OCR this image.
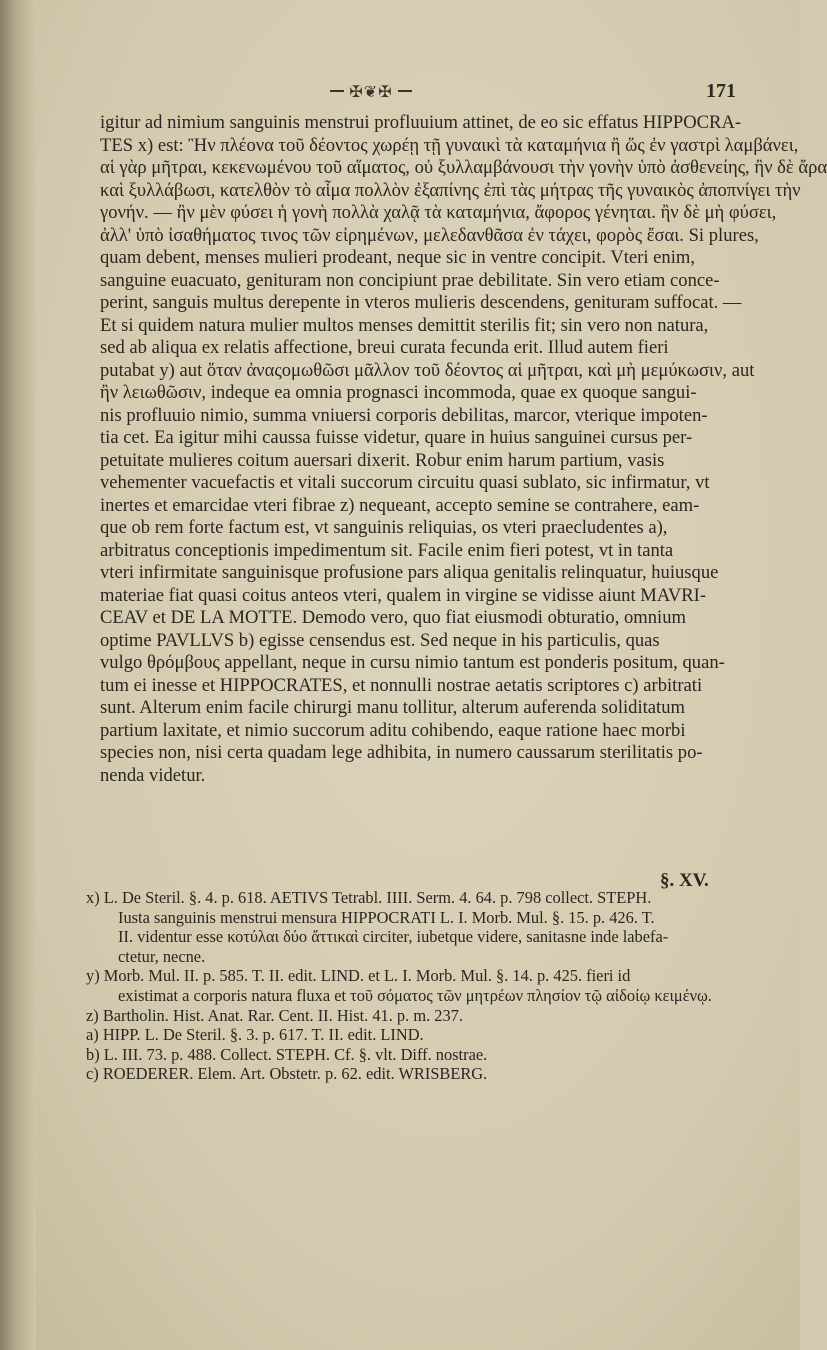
✠❦✠	171

igitur ad nimium sanguinis menstrui profluuium attinet, de eo sic effatus HIPPOCRA-
TES x) est: Ἢν πλέονα τοῦ δέοντος χωρέῃ τῇ γυναικὶ τὰ καταμήνια ἢ ὥς ἐν γαστρὶ λαμβάνει,
αἱ γὰρ μῆτραι, κεκενωμένου τοῦ αἵματος, οὐ ξυλλαμβάνουσι τὴν γονὴν ὑπὸ ἀσθενείης, ἢν δὲ ἄρα
καὶ ξυλλάβωσι, κατελθὸν τὸ αἷμα πολλὸν ἐξαπίνης ἐπὶ τὰς μήτρας τῆς γυναικὸς ἀποπνίγει τὴν
γονήν. — ἢν μὲν φύσει ἡ γονὴ πολλὰ χαλᾷ τὰ καταμήνια, ἄφορος γένηται. ἢν δὲ μὴ φύσει,
ἀλλ' ὑπὸ ἰσαθήματος τινος τῶν εἰρημένων, μελεδανθᾶσα ἐν τάχει, φορὸς ἔσαι. Si plures,
quam debent, menses mulieri prodeant, neque sic in ventre concipit. Vteri enim,
sanguine euacuato, genituram non concipiunt prae debilitate. Sin vero etiam conce-
perint, sanguis multus derepente in vteros mulieris descendens, genituram suffocat. —
Et si quidem natura mulier multos menses demittit sterilis fit; sin vero non natura,
sed ab aliqua ex relatis affectione, breui curata fecunda erit. Illud autem fieri
putabat y) aut ὅταν ἀναςομωθῶσι μᾶλλον τοῦ δέοντος αἱ μῆτραι, καὶ μὴ μεμύκωσιν, aut
ἢν λειωθῶσιν, indeque ea omnia prognasci incommoda, quae ex quoque sangui-
nis profluuio nimio, summa vniuersi corporis debilitas, marcor, vterique impoten-
tia cet. Ea igitur mihi caussa fuisse videtur, quare in huius sanguinei cursus per-
petuitate mulieres coitum auersari dixerit. Robur enim harum partium, vasis
vehementer vacuefactis et vitali succorum circuitu quasi sublato, sic infirmatur, vt
inertes et emarcidae vteri fibrae z) nequeant, accepto semine se contrahere, eam-
que ob rem forte factum est, vt sanguinis reliquias, os vteri praecludentes a),
arbitratus conceptionis impedimentum sit. Facile enim fieri potest, vt in tanta
vteri infirmitate sanguinisque profusione pars aliqua genitalis relinquatur, huiusque
materiae fiat quasi coitus anteos vteri, qualem in virgine se vidisse aiunt MAVRI-
CEAV et DE LA MOTTE. Demodo vero, quo fiat eiusmodi obturatio, omnium
optime PAVLLVS b) egisse censendus est. Sed neque in his particulis, quas
vulgo θρόμβους appellant, neque in cursu nimio tantum est ponderis positum, quan-
tum ei inesse et HIPPOCRATES, et nonnulli nostrae aetatis scriptores c) arbitrati
sunt. Alterum enim facile chirurgi manu tollitur, alterum auferenda soliditatum
partium laxitate, et nimio succorum aditu cohibendo, eaque ratione haec morbi
species non, nisi certa quadam lege adhibita, in numero caussarum sterilitatis po-
nenda videtur.

§. XV.

x) L. De Steril. §. 4. p. 618. AETIVS Tetrabl. IIII. Serm. 4. 64. p. 798 collect. STEPH.
Iusta sanguinis menstrui mensura HIPPOCRATI L. I. Morb. Mul. §. 15. p. 426. T.
II. videntur esse κοτύλαι δύο ἄττικαὶ circiter, iubetque videre, sanitasne inde labefa-
ctetur, necne.
y) Morb. Mul. II. p. 585. T. II. edit. LIND. et L. I. Morb. Mul. §. 14. p. 425. fieri id
existimat a corporis natura fluxa et τοῦ σόματος τῶν μητρέων πλησίον τῷ αἰδοίῳ κειμένῳ.
z) Bartholin. Hist. Anat. Rar. Cent. II. Hist. 41. p. m. 237.
a) HIPP. L. De Steril. §. 3. p. 617. T. II. edit. LIND.
b) L. III. 73. p. 488. Collect. STEPH. Cf. §. vlt. Diff. nostrae.
c) ROEDERER. Elem. Art. Obstetr. p. 62. edit. WRISBERG.
